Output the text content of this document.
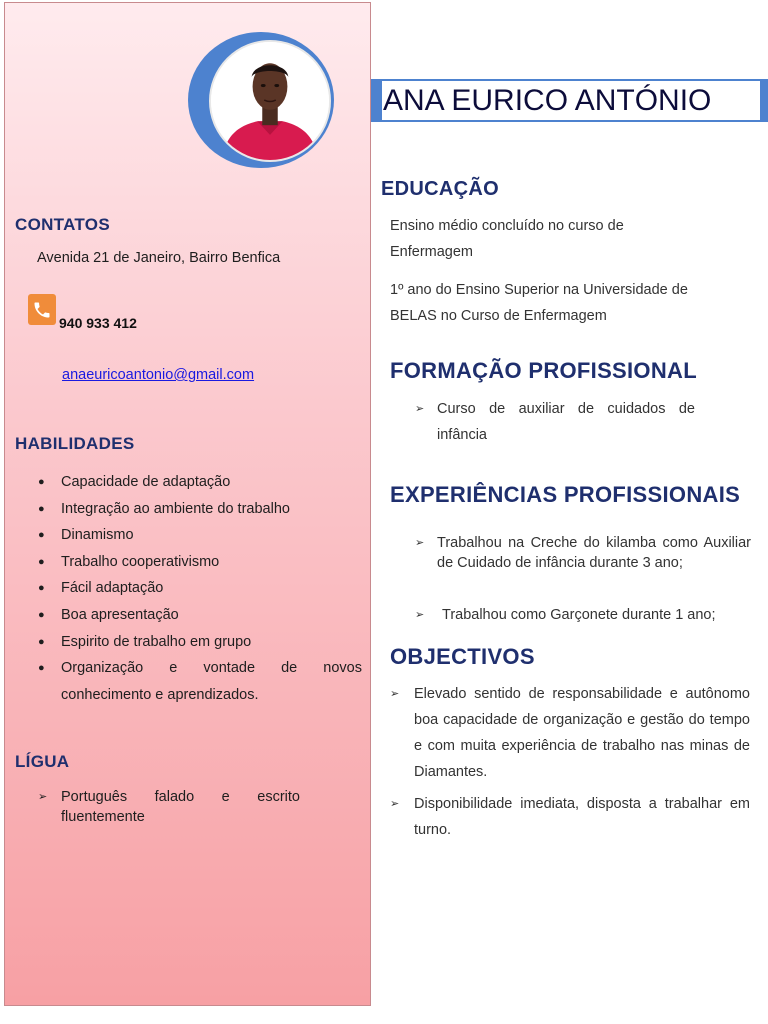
CONTATOS
Avenida 21 de Janeiro, Bairro Benfica
940 933 412
anaeuricoantonio@gmail.com
HABILIDADES
● Capacidade de adaptação
● Integração ao ambiente do trabalho
● Dinamismo
● Trabalho cooperativismo
● Fácil adaptação
● Boa apresentação
● Espirito de trabalho em grupo
● Organização e vontade de novos conhecimento e aprendizados.
LÍGUA
➢ Português falado e escrito fluentemente
ANA EURICO ANTÓNIO
EDUCAÇÃO
Ensino médio concluído no curso de Enfermagem
1º ano do Ensino Superior na Universidade de BELAS no Curso de Enfermagem
FORMAÇÃO PROFISSIONAL
➢ Curso de auxiliar de cuidados de infância
EXPERIÊNCIAS PROFISSIONAIS
➢ Trabalhou na Creche do kilamba como Auxiliar de Cuidado de infância durante 3 ano;
➢ Trabalhou como Garçonete durante 1 ano;
OBJECTIVOS
➢ Elevado sentido de responsabilidade e autônomo boa capacidade de organização e gestão do tempo e com muita experiência de trabalho nas minas de Diamantes.
➢ Disponibilidade imediata, disposta a trabalhar em turno.
